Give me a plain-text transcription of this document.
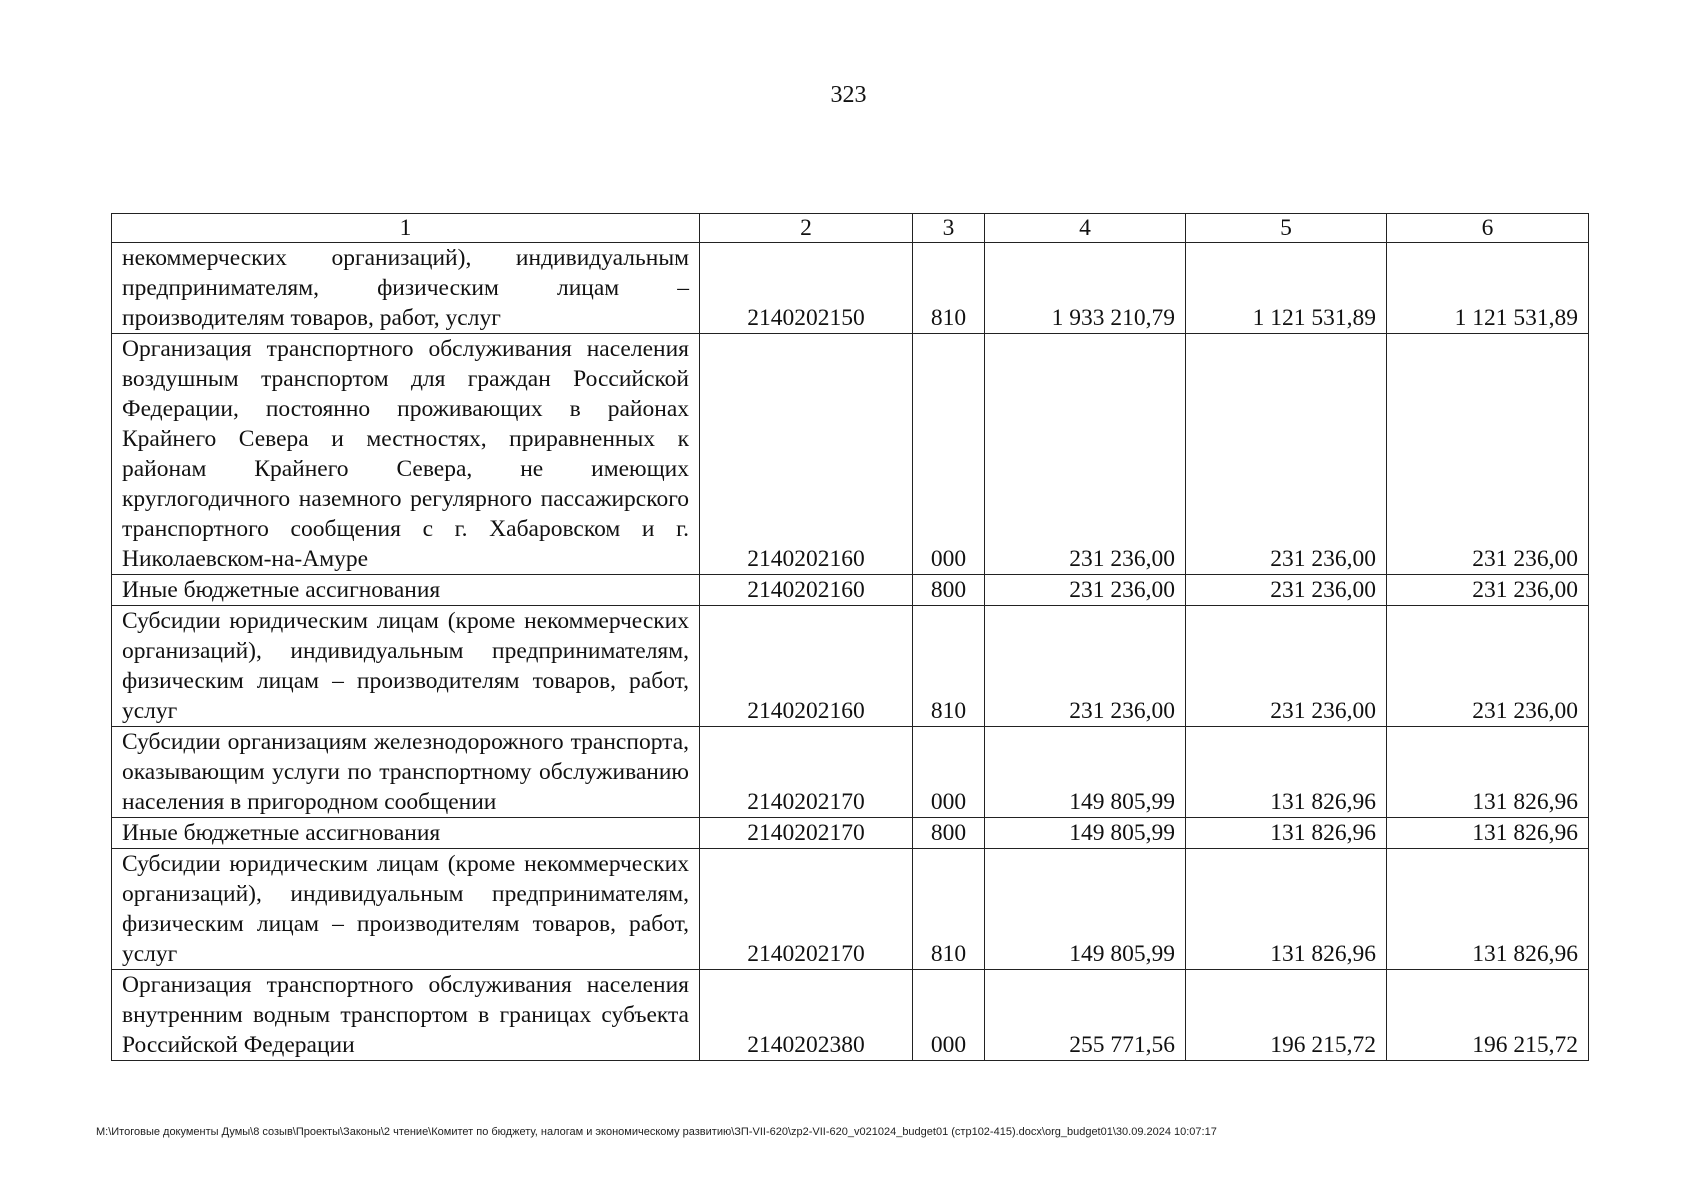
323
1	2	3	4	5	6
некоммерческих организаций), индивидуальным предпринимателям, физическим лицам – производителям товаров, работ, услуг	2140202150	810	1 933 210,79	1 121 531,89	1 121 531,89
Организация транспортного обслуживания населения воздушным транспортом для граждан Российской Федерации, постоянно проживающих в районах Крайнего Севера и местностях, приравненных к районам Крайнего Севера, не имеющих круглогодичного наземного регулярного пассажирского транспортного сообщения с г. Хабаровском и г. Николаевском-на-Амуре	2140202160	000	231 236,00	231 236,00	231 236,00
Иные бюджетные ассигнования	2140202160	800	231 236,00	231 236,00	231 236,00
Субсидии юридическим лицам (кроме некоммерческих организаций), индивидуальным предпринимателям, физическим лицам – производителям товаров, работ, услуг	2140202160	810	231 236,00	231 236,00	231 236,00
Субсидии организациям железнодорожного транспорта, оказывающим услуги по транспортному обслуживанию населения в пригородном сообщении	2140202170	000	149 805,99	131 826,96	131 826,96
Иные бюджетные ассигнования	2140202170	800	149 805,99	131 826,96	131 826,96
Субсидии юридическим лицам (кроме некоммерческих организаций), индивидуальным предпринимателям, физическим лицам – производителям товаров, работ, услуг	2140202170	810	149 805,99	131 826,96	131 826,96
Организация транспортного обслуживания населения внутренним водным транспортом в границах субъекта Российской Федерации	2140202380	000	255 771,56	196 215,72	196 215,72
M:\Итоговые документы Думы\8 созыв\Проекты\Законы\2 чтение\Комитет по бюджету, налогам и экономическому развитию\ЗП-VII-620\zp2-VII-620_v021024_budget01 (стр102-415).docx\org_budget01\30.09.2024 10:07:17
